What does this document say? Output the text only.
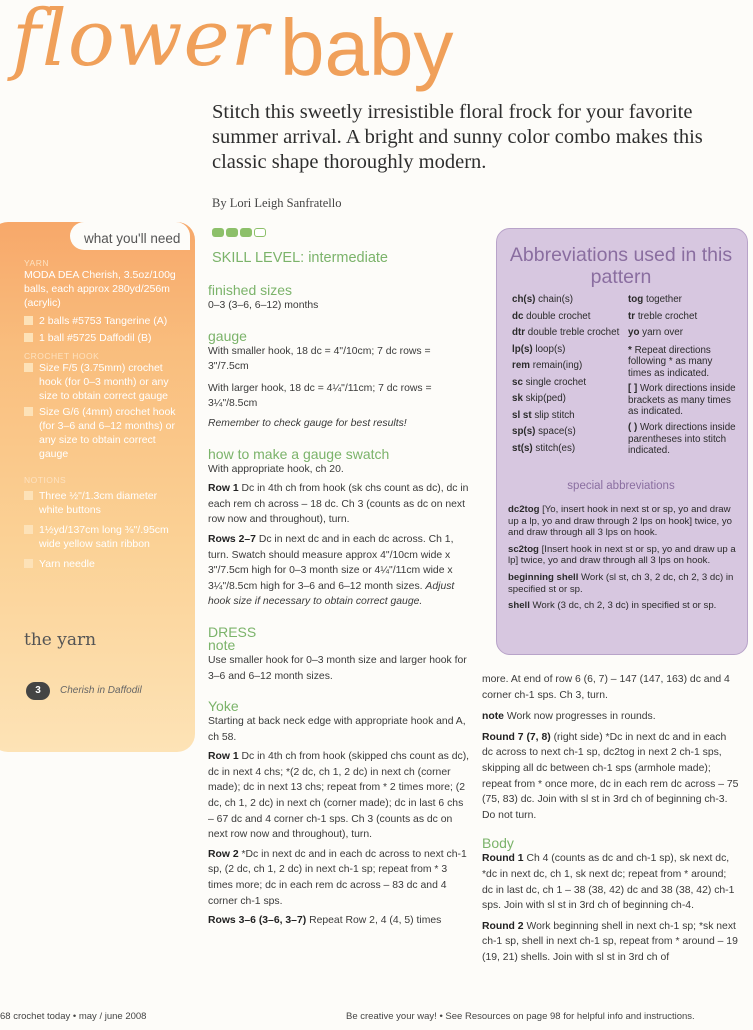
flower baby
Stitch this sweetly irresistible floral frock for your favorite summer arrival. A bright and sunny color combo makes this classic shape thoroughly modern.
By Lori Leigh Sanfratello
SKILL LEVEL: intermediate
what you'll need
YARN
MODA DEA Cherish, 3.5oz/100g balls, each approx 280yd/256m (acrylic)
2 balls #5753 Tangerine (A)
1 ball #5725 Daffodil (B)
CROCHET HOOK
Size F/5 (3.75mm) crochet hook (for 0–3 month) or any size to obtain correct gauge
Size G/6 (4mm) crochet hook (for 3–6 and 6–12 months) or any size to obtain correct gauge
NOTIONS
Three ½"/1.3cm diameter white buttons
1½yd/137cm long ⅜"/.95cm wide yellow satin ribbon
Yarn needle
the yarn
3	Cherish in Daffodil
Abbreviations used in this pattern
ch(s) chain(s)
dc double crochet
dtr double treble crochet
lp(s) loop(s)
rem remain(ing)
sc single crochet
sk skip(ped)
sl st slip stitch
sp(s) space(s)
st(s) stitch(es)
tog together
tr treble crochet
yo yarn over
* Repeat directions following * as many times as indicated.
[ ] Work directions inside brackets as many times as indicated.
( ) Work directions inside parentheses into stitch indicated.
special abbreviations
dc2tog [Yo, insert hook in next st or sp, yo and draw up a lp, yo and draw through 2 lps on hook] twice, yo and draw through all 3 lps on hook.
sc2tog [Insert hook in next st or sp, yo and draw up a lp] twice, yo and draw through all 3 lps on hook.
beginning shell Work (sl st, ch 3, 2 dc, ch 2, 3 dc) in specified st or sp.
shell Work (3 dc, ch 2, 3 dc) in specified st or sp.
finished sizes
0–3 (3–6, 6–12) months
gauge
With smaller hook, 18 dc = 4"/10cm; 7 dc rows = 3"/7.5cm
With larger hook, 18 dc = 4¼"/11cm; 7 dc rows = 3¼"/8.5cm
Remember to check gauge for best results!
how to make a gauge swatch
With appropriate hook, ch 20.
Row 1 Dc in 4th ch from hook (sk chs count as dc), dc in each rem ch across – 18 dc. Ch 3 (counts as dc on next row now and throughout), turn.
Rows 2–7 Dc in next dc and in each dc across. Ch 1, turn. Swatch should measure approx 4"/10cm wide x 3"/7.5cm high for 0–3 month size or 4¼"/11cm wide x 3¼"/8.5cm high for 3–6 and 6–12 month sizes. Adjust hook size if necessary to obtain correct gauge.
DRESS
note
Use smaller hook for 0–3 month size and larger hook for 3–6 and 6–12 month sizes.
Yoke
Starting at back neck edge with appropriate hook and A, ch 58.
Row 1 Dc in 4th ch from hook (skipped chs count as dc), dc in next 4 chs; *(2 dc, ch 1, 2 dc) in next ch (corner made); dc in next 13 chs; repeat from * 2 times more; (2 dc, ch 1, 2 dc) in next ch (corner made); dc in last 6 chs – 67 dc and 4 corner ch-1 sps. Ch 3 (counts as dc on next row now and throughout), turn.
Row 2 *Dc in next dc and in each dc across to next ch-1 sp, (2 dc, ch 1, 2 dc) in next ch-1 sp; repeat from * 3 times more; dc in each rem dc across – 83 dc and 4 corner ch-1 sps.
Rows 3–6 (3–6, 3–7) Repeat Row 2, 4 (4, 5) times
more. At end of row 6 (6, 7) – 147 (147, 163) dc and 4 corner ch-1 sps. Ch 3, turn.
note Work now progresses in rounds.
Round 7 (7, 8) (right side) *Dc in next dc and in each dc across to next ch-1 sp, dc2tog in next 2 ch-1 sps, skipping all dc between ch-1 sps (armhole made); repeat from * once more, dc in each rem dc across – 75 (75, 83) dc. Join with sl st in 3rd ch of beginning ch-3. Do not turn.
Body
Round 1 Ch 4 (counts as dc and ch-1 sp), sk next dc, *dc in next dc, ch 1, sk next dc; repeat from * around; dc in last dc, ch 1 – 38 (38, 42) dc and 38 (38, 42) ch-1 sps. Join with sl st in 3rd ch of beginning ch-4.
Round 2 Work beginning shell in next ch-1 sp; *sk next ch-1 sp, shell in next ch-1 sp, repeat from * around – 19 (19, 21) shells. Join with sl st in 3rd ch of
68 crochet today • may / june 2008	Be creative your way! • See Resources on page 98 for helpful info and instructions.
